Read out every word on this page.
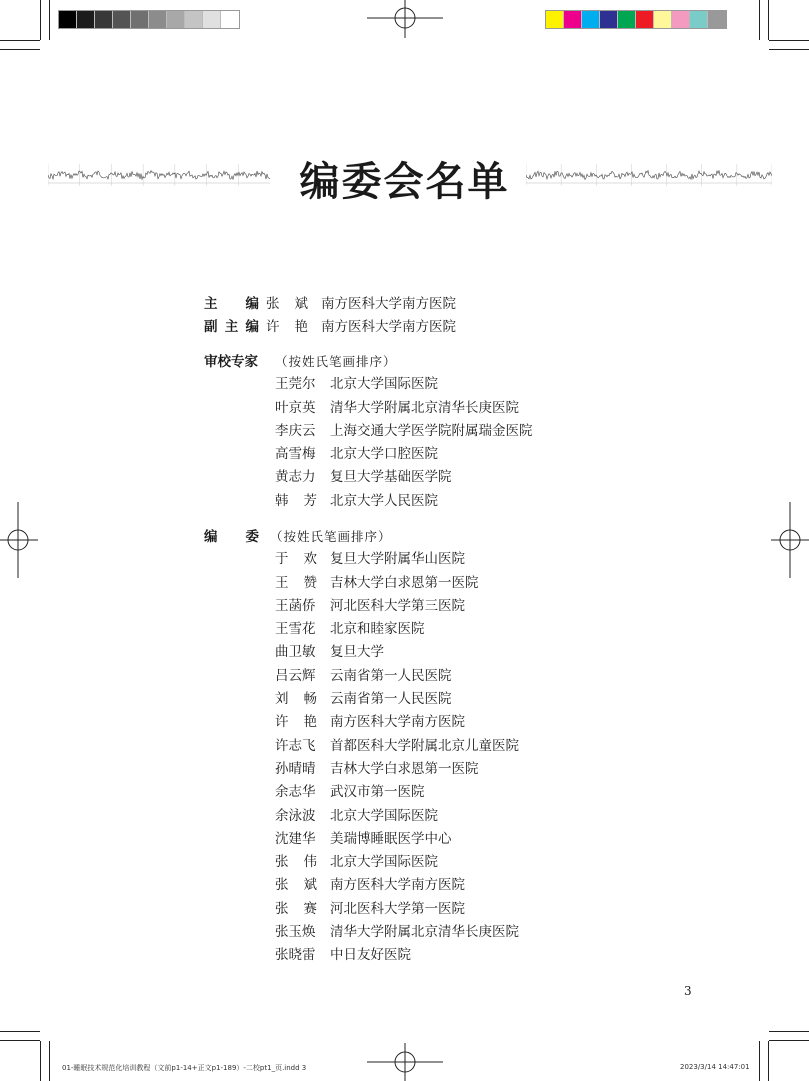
编委会名单
主 编 张 斌 南方医科大学南方医院
副 主 编 许 艳 南方医科大学南方医院
审校专家 （按姓氏笔画排序）
王莞尔 北京大学国际医院
叶京英 清华大学附属北京清华长庚医院
李庆云 上海交通大学医学院附属瑞金医院
高雪梅 北京大学口腔医院
黄志力 复旦大学基础医学院
韩 芳 北京大学人民医院
编 委 （按姓氏笔画排序）
于 欢 复旦大学附属华山医院
王 赞 吉林大学白求恩第一医院
王菡侨 河北医科大学第三医院
王雪花 北京和睦家医院
曲卫敏 复旦大学
吕云辉 云南省第一人民医院
刘 畅 云南省第一人民医院
许 艳 南方医科大学南方医院
许志飞 首都医科大学附属北京儿童医院
孙晴晴 吉林大学白求恩第一医院
余志华 武汉市第一医院
余泳波 北京大学国际医院
沈建华 美瑞博睡眠医学中心
张 伟 北京大学国际医院
张 斌 南方医科大学南方医院
张 赛 河北医科大学第一医院
张玉焕 清华大学附属北京清华长庚医院
张晓雷 中日友好医院
3
01-睡眠技术规范化培训教程（文前p1-14+正文p1-189）-二校pt1_页.indd 3	2023/3/14 14:47:01
